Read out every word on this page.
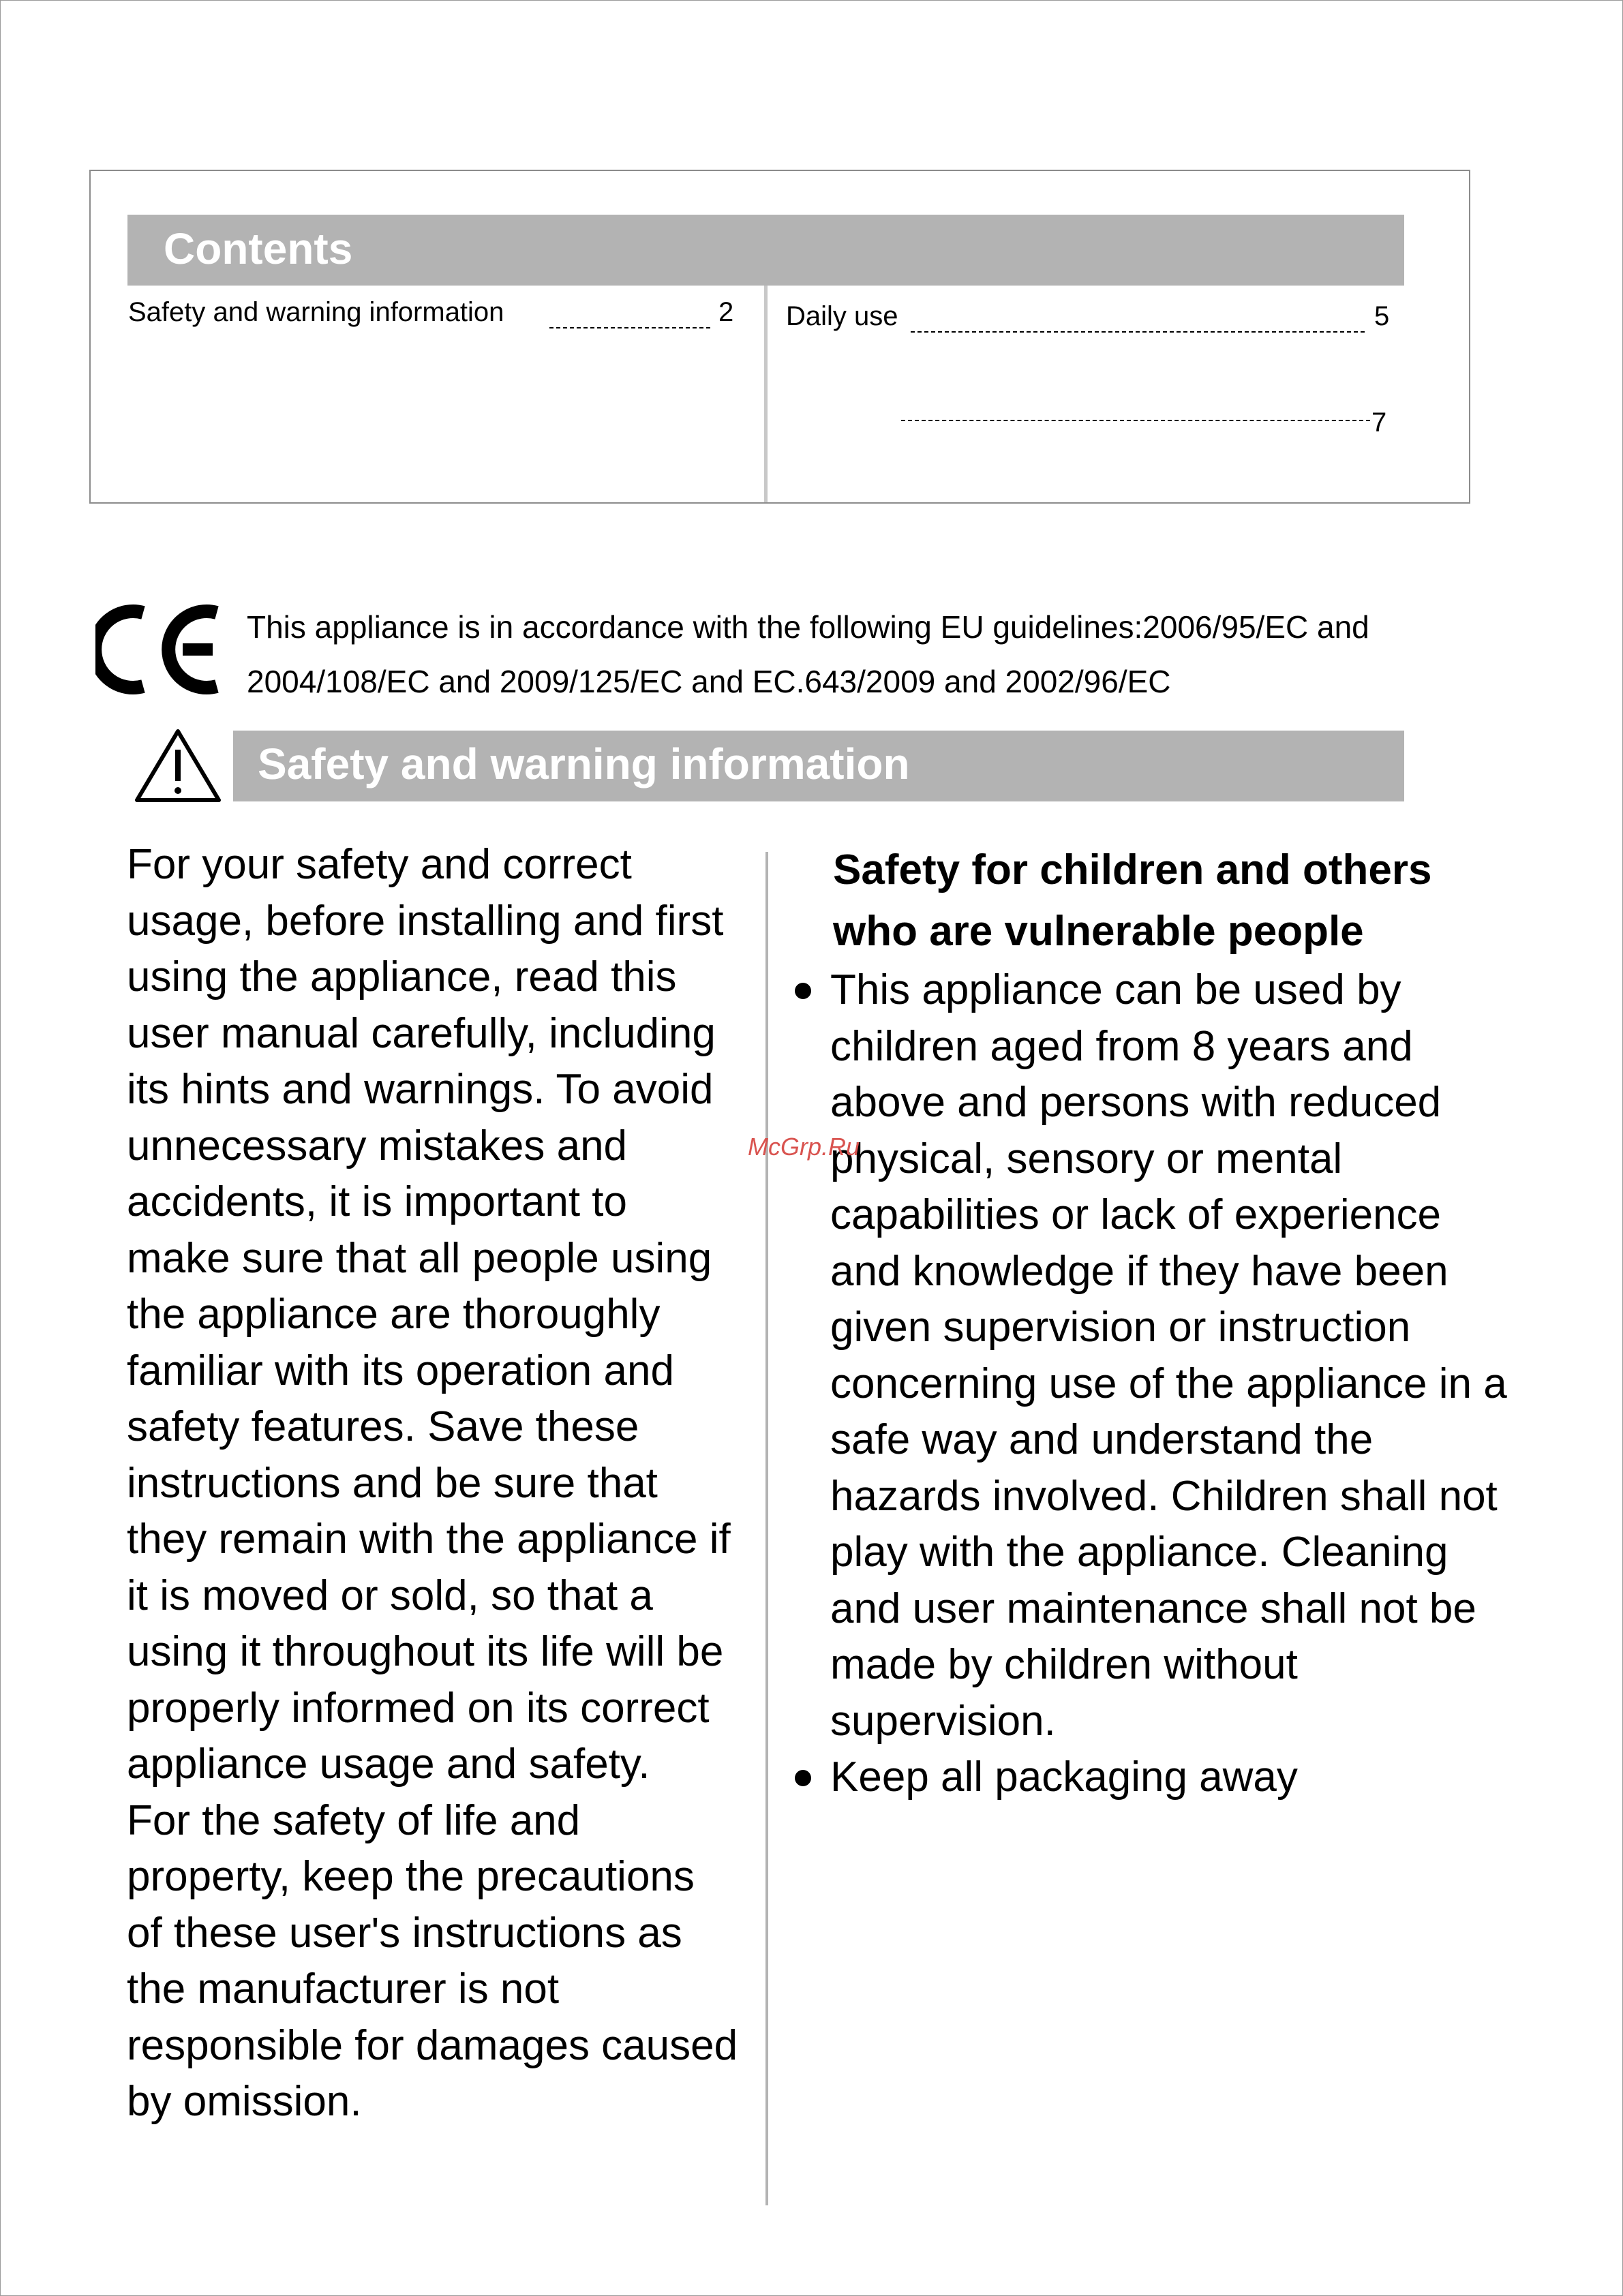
Contents
Safety and warning information	2 Daily use	5
7
This appliance is in accordance with the following EU guidelines:2006/95/EC and 2004/108/EC and 2009/125/EC and EC.643/2009 and 2002/96/EC
Safety and warning information

For your safety and correct usage, before installing and first using the appliance, read this user manual carefully, including its hints and warnings. To avoid unnecessary mistakes and accidents, it is important to make sure that all people using the appliance are thoroughly familiar with its operation and safety features. Save these instructions and be sure that they remain with the appliance if it is moved or sold, so that a using it throughout its life will be properly informed on its correct appliance usage and safety.

For the safety of life and property, keep the precautions of these user's instructions as the manufacturer is not responsible for damages caused by omission.

Safety for children and others who are vulnerable people

This appliance can be used by children aged from 8 years and above and persons with reduced physical, sensory or mental capabilities or lack of experience and knowledge if they have been given supervision or instruction concerning use of the appliance in a safe way and understand the hazards involved. Children shall not play with the appliance. Cleaning and user maintenance shall not be made by children without supervision.

Keep all packaging away

McGrp.Ru
